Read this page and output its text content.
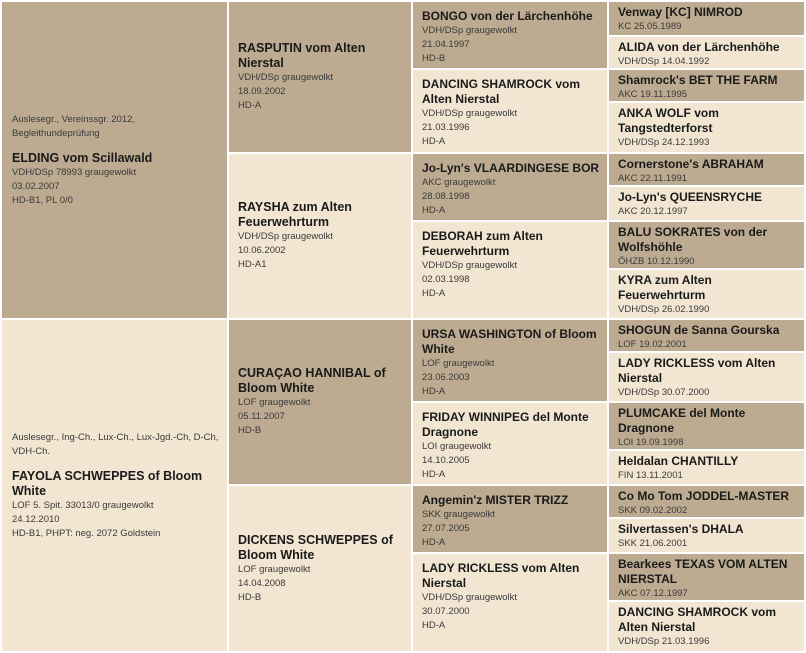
Auslesegr., Vereinssgr. 2012, Begleithundeprüfung
ELDING vom Scillawald
VDH/DSp 78993 graugewolkt
03.02.2007
HD-B1, PL 0/0
Auslesegr., Ing-Ch., Lux-Ch., Lux-Jgd.-Ch, D-Ch, VDH-Ch.
FAYOLA SCHWEPPES of Bloom White
LOF 5. Spit. 33013/0 graugewolkt
24.12.2010
HD-B1, PHPT: neg. 2072 Goldstein
RASPUTIN vom Alten Nierstal
VDH/DSp graugewolkt
18.09.2002
HD-A
RAYSHA zum Alten Feuerwehrturm
VDH/DSp graugewolkt
10.06.2002
HD-A1
CURAÇAO HANNIBAL of Bloom White
LOF graugewolkt
05.11.2007
HD-B
DICKENS SCHWEPPES of Bloom White
LOF graugewolkt
14.04.2008
HD-B
BONGO von der Lärchenhöhe
VDH/DSp graugewolkt
21.04.1997
HD-B
DANCING SHAMROCK vom Alten Nierstal
VDH/DSp graugewolkt
21.03.1996
HD-A
Jo-Lyn's VLAARDINGESE BOR
AKC graugewolkt
28.08.1998
HD-A
DEBORAH zum Alten Feuerwehrturm
VDH/DSp graugewolkt
02.03.1998
HD-A
URSA WASHINGTON of Bloom White
LOF graugewolkt
23.06.2003
HD-A
FRIDAY WINNIPEG del Monte Dragnone
LOI graugewolkt
14.10.2005
HD-A
Angemin'z MISTER TRIZZ
SKK graugewolkt
27.07.2005
HD-A
LADY RICKLESS vom Alten Nierstal
VDH/DSp graugewolkt
30.07.2000
HD-A
Venway [KC] NIMROD
KC 25.05.1989
ALIDA von der Lärchenhöhe
VDH/DSp 14.04.1992
Shamrock's BET THE FARM
AKC 19.11.1995
ANKA WOLF vom Tangstedterforst
VDH/DSp 24.12.1993
Cornerstone's ABRAHAM
AKC 22.11.1991
Jo-Lyn's QUEENSRYCHE
AKC 20.12.1997
BALU SOKRATES von der Wolfshöhle
ÖHZB 10.12.1990
KYRA zum Alten Feuerwehrturm
VDH/DSp 26.02.1990
SHOGUN de Sanna Gourska
LOF 19.02.2001
LADY RICKLESS vom Alten Nierstal
VDH/DSp 30.07.2000
PLUMCAKE del Monte Dragnone
LOI 19.09.1998
Heldalan CHANTILLY
FIN 13.11.2001
Co Mo Tom JODDEL-MASTER
SKK 09.02.2002
Silvertassen's DHALA
SKK 21.06.2001
Bearkees TEXAS VOM ALTEN NIERSTAL
AKC 07.12.1997
DANCING SHAMROCK vom Alten Nierstal
VDH/DSp 21.03.1996
